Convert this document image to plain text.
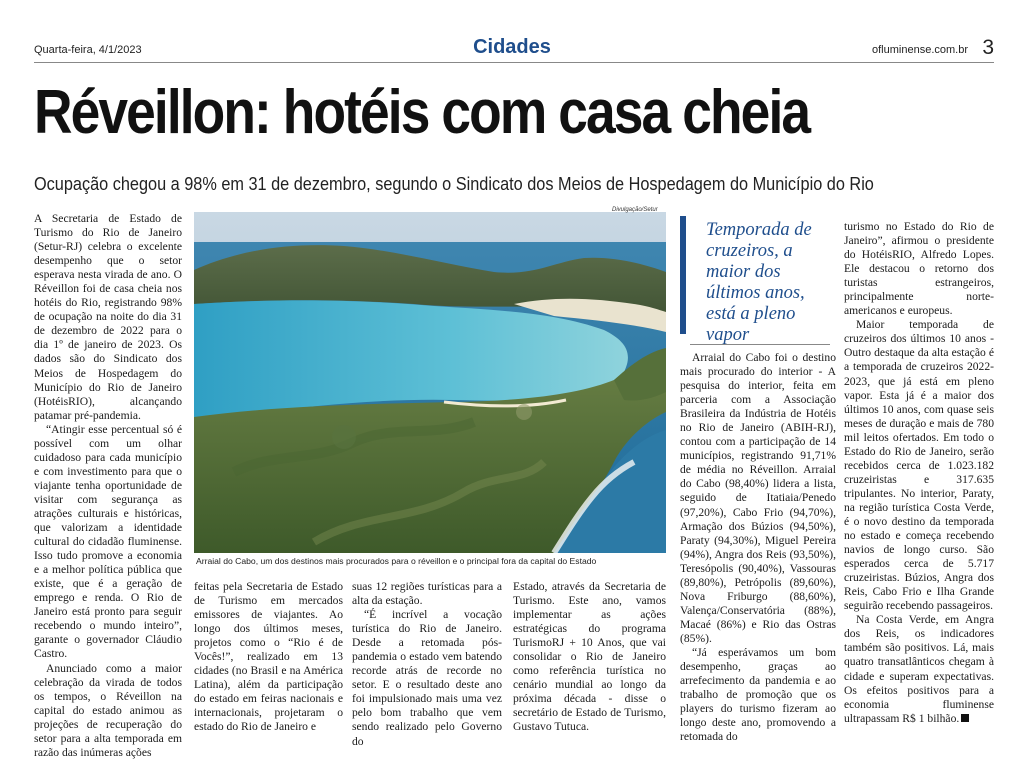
Quarta-feira, 4/1/2023	Cidades	ofluminense.com.br 3
Réveillon: hotéis com casa cheia
Ocupação chegou a 98% em 31 de dezembro, segundo o Sindicato dos Meios de Hospedagem do Município do Rio

A Secretaria de Estado de Turismo do Rio de Janeiro (Setur-RJ) celebra o excelente desempenho que o setor esperava nesta virada de ano. O Réveillon foi de casa cheia nos hotéis do Rio, registrando 98% de ocupação na noite do dia 31 de dezembro de 2022 para o dia 1º de janeiro de 2023. Os dados são do Sindicato dos Meios de Hospedagem do Município do Rio de Janeiro (HotéisRIO), alcançando patamar pré-pandemia.

“Atingir esse percentual só é possível com um olhar cuidadoso para cada município e com investimento para que o viajante tenha oportunidade de visitar com segurança as atrações culturais e históricas, que valorizam a identidade cultural do cidadão fluminense. Isso tudo promove a economia e a melhor política pública que existe, que é a geração de emprego e renda. O Rio de Janeiro está pronto para seguir recebendo o mundo inteiro”, garante o governador Cláudio Castro.

Anunciado como a maior celebração da virada de todos os tempos, o Réveillon na capital do estado animou as projeções de recuperação do setor para a alta temporada em razão das inúmeras ações

Divulgação/Setur
Arraial do Cabo, um dos destinos mais procurados para o réveillon e o principal fora da capital do Estado

feitas pela Secretaria de Estado de Turismo em mercados emissores de viajantes. Ao longo dos últimos meses, projetos como o “Rio é de Vocês!”, realizado em 13 cidades (no Brasil e na América Latina), além da participação do estado em feiras nacionais e internacionais, projetaram o estado do Rio de Janeiro e

suas 12 regiões turísticas para a alta da estação.

“É incrível a vocação turística do Rio de Janeiro. Desde a retomada pós-pandemia o estado vem batendo recorde atrás de recorde no setor. E o resultado deste ano foi impulsionado mais uma vez pelo bom trabalho que vem sendo realizado pelo Governo do

Estado, através da Secretaria de Turismo. Este ano, vamos implementar as ações estratégicas do programa TurismoRJ + 10 Anos, que vai consolidar o Rio de Janeiro como referência turística no cenário mundial ao longo da próxima década - disse o secretário de Estado de Turismo, Gustavo Tutuca.

Temporada de cruzeiros, a maior dos últimos anos, está a pleno vapor

Arraial do Cabo foi o destino mais procurado do interior - A pesquisa do interior, feita em parceria com a Associação Brasileira da Indústria de Hotéis no Rio de Janeiro (ABIH-RJ), contou com a participação de 14 municípios, registrando 91,71% de média no Réveillon. Arraial do Cabo (98,40%) lidera a lista, seguido de Itatiaia/Penedo (97,20%), Cabo Frio (94,70%), Armação dos Búzios (94,50%), Paraty (94,30%), Miguel Pereira (94%), Angra dos Reis (93,50%), Teresópolis (90,40%), Vassouras (89,80%), Petrópolis (89,60%), Nova Friburgo (88,60%), Valença/Conservatória (88%), Macaé (86%) e Rio das Ostras (85%).

“Já esperávamos um bom desempenho, graças ao arrefecimento da pandemia e ao trabalho de promoção que os players do turismo fizeram ao longo deste ano, promovendo a retomada do

turismo no Estado do Rio de Janeiro”, afirmou o presidente do HotéisRIO, Alfredo Lopes. Ele destacou o retorno dos turistas estrangeiros, principalmente norte-americanos e europeus.

Maior temporada de cruzeiros dos últimos 10 anos - Outro destaque da alta estação é a temporada de cruzeiros 2022-2023, que já está em pleno vapor. Esta já é a maior dos últimos 10 anos, com quase seis meses de duração e mais de 780 mil leitos ofertados. Em todo o Estado do Rio de Janeiro, serão recebidos cerca de 1.023.182 cruzeiristas e 317.635 tripulantes. No interior, Paraty, na região turística Costa Verde, é o novo destino da temporada no estado e começa recebendo navios de longo curso. São esperados cerca de 5.717 cruzeiristas. Búzios, Angra dos Reis, Cabo Frio e Ilha Grande seguirão recebendo passageiros.

Na Costa Verde, em Angra dos Reis, os indicadores também são positivos. Lá, mais quatro transatlânticos chegam à cidade e superam expectativas. Os efeitos positivos para a economia fluminense ultrapassam R$ 1 bilhão.
